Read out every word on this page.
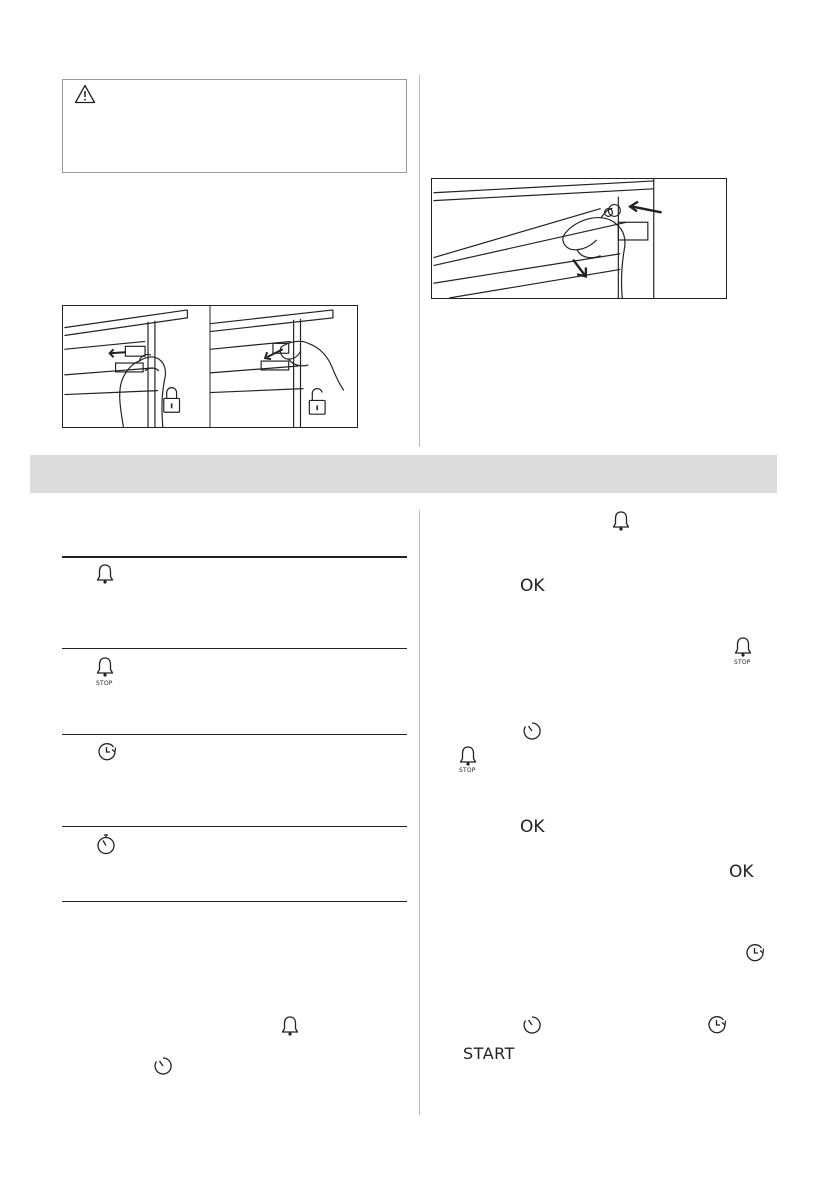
STOP
OK
STOP
STOP
OK
OK
START
